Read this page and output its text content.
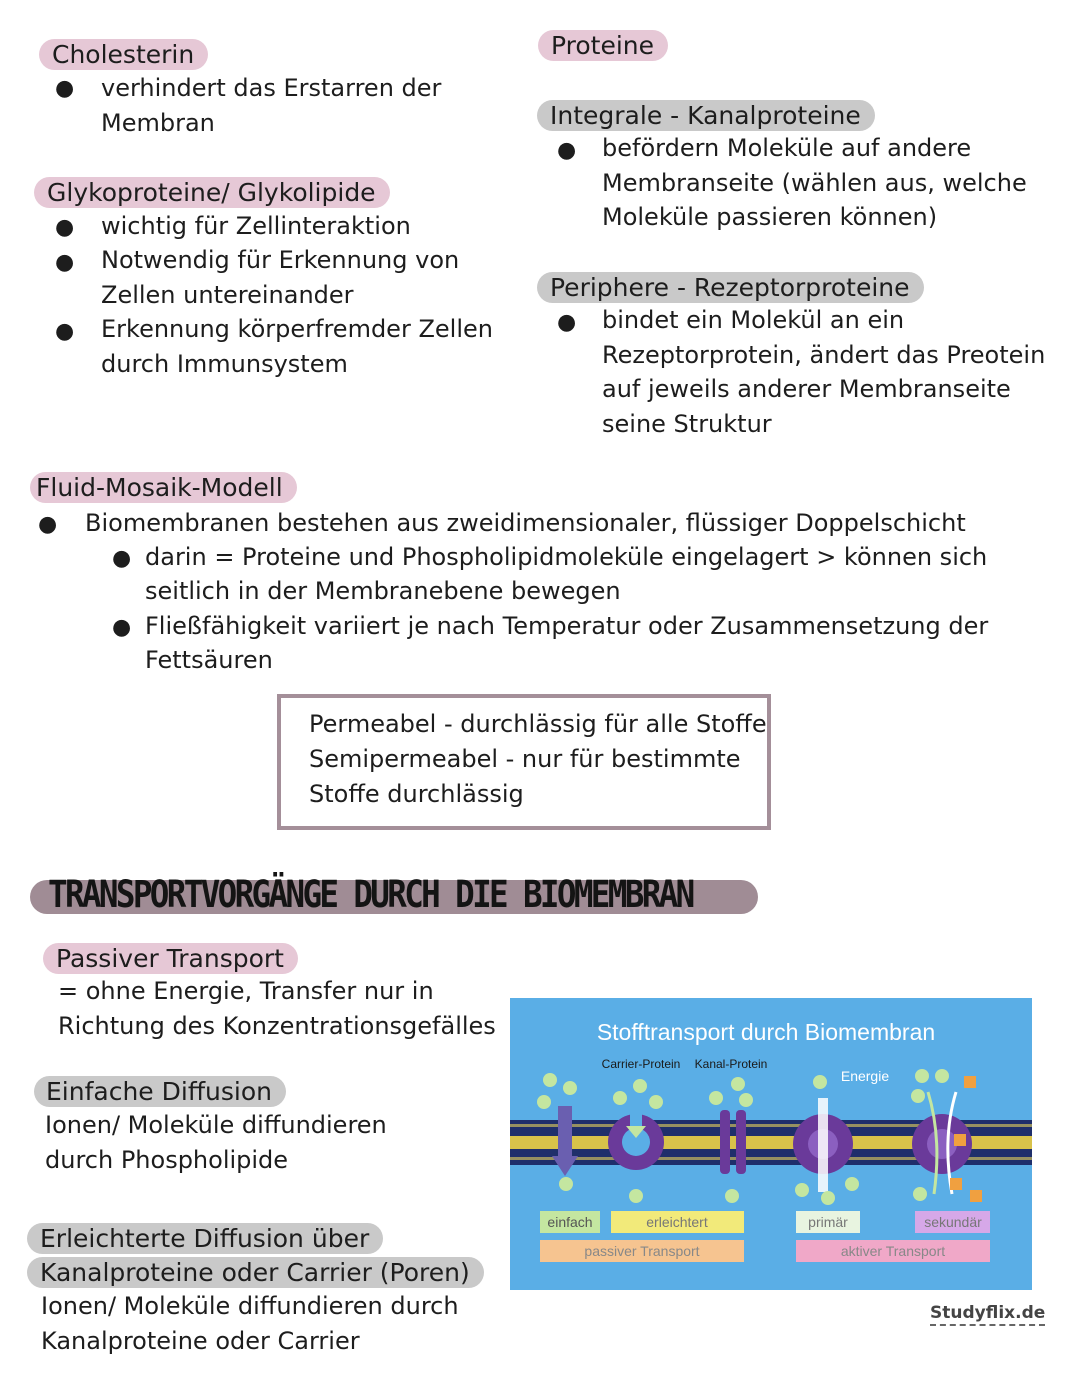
Cholesterin
● verhindert das Erstarren der
Membran
Glykoproteine/ Glykolipide
● wichtig für Zellinteraktion
● Notwendig für Erkennung von
Zellen untereinander
● Erkennung körperfremder Zellen
durch Immunsystem
Proteine
Integrale - Kanalproteine
● befördern Moleküle auf andere
Membranseite (wählen aus, welche
Moleküle passieren können)
Periphere - Rezeptorproteine
● bindet ein Molekül an ein
Rezeptorprotein, ändert das Preotein
auf jeweils anderer Membranseite
seine Struktur
Fluid-Mosaik-Modell
● Biomembranen bestehen aus zweidimensionaler, flüssiger Doppelschicht
● darin = Proteine und Phospholipidmoleküle eingelagert > können sich
seitlich in der Membranebene bewegen
● Fließfähigkeit variiert je nach Temperatur oder Zusammensetzung der
Fettsäuren
Permeabel - durchlässig für alle Stoffe
Semipermeabel - nur für bestimmte
Stoffe durchlässig
TRANSPORTVORGÄNGE DURCH DIE BIOMEMBRAN
Passiver Transport
= ohne Energie, Transfer nur in
Richtung des Konzentrationsgefälles
Einfache Diffusion
Ionen/ Moleküle diffundieren
durch Phospholipide
Erleichterte Diffusion über
Kanalproteine oder Carrier (Poren)
Ionen/ Moleküle diffundieren durch
Kanalproteine oder Carrier
Stofftransport durch Biomembran
Carrier-Protein Kanal-Protein
Energie
einfach	erleichtert	primär	sekundär
passiver Transport	aktiver Transport
Studyflix.de
